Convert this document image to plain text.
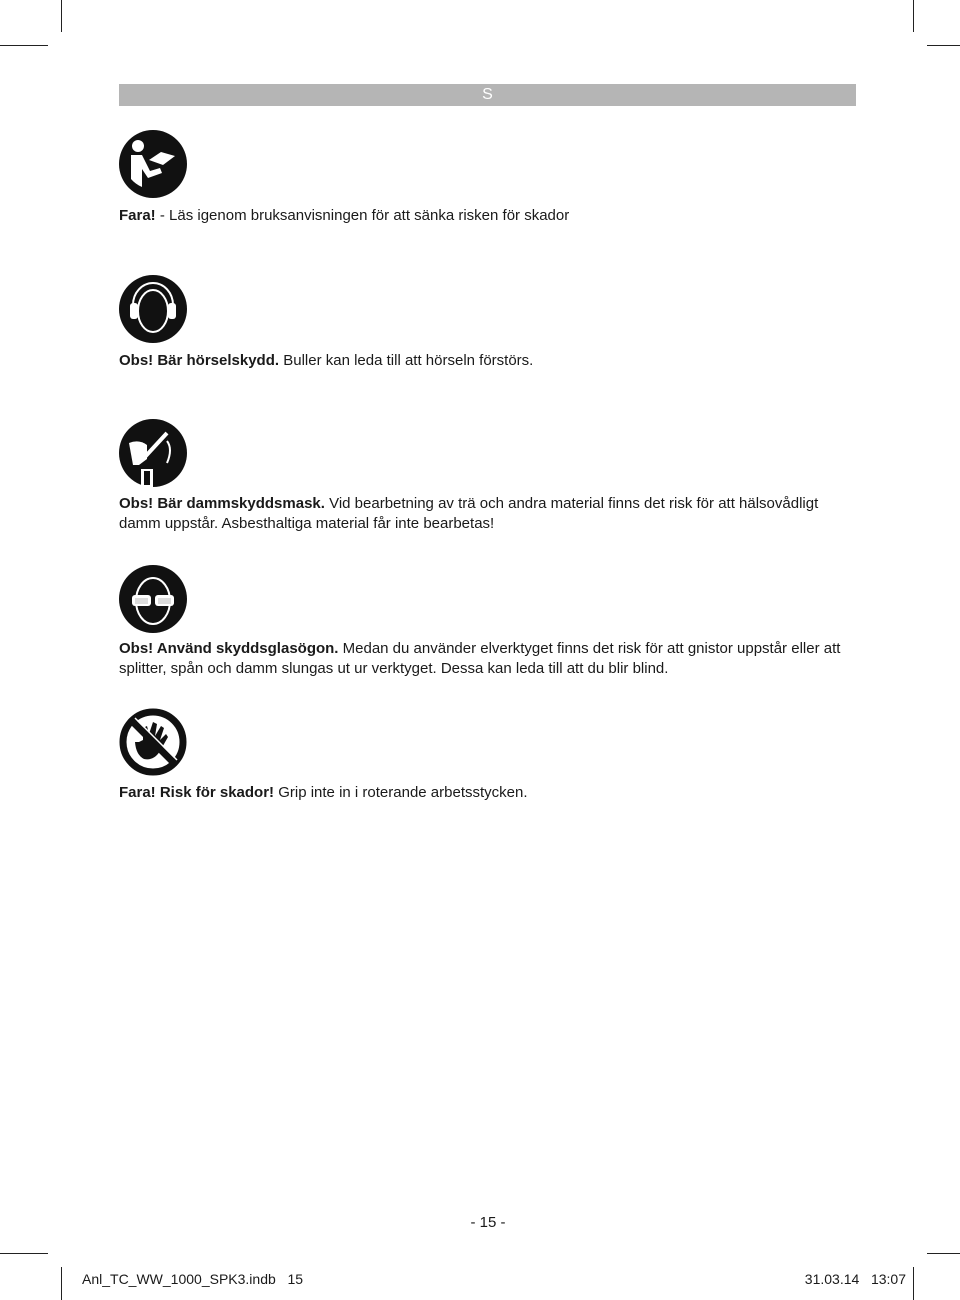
S
Fara! - Läs igenom bruksanvisningen för att sänka risken för skador
Obs! Bär hörselskydd. Buller kan leda till att hörseln förstörs.
Obs! Bär dammskyddsmask. Vid bearbetning av trä och andra material finns det risk för att hälsovådligt damm uppstår. Asbesthaltiga material får inte bearbetas!
Obs! Använd skyddsglasögon. Medan du använder elverktyget finns det risk för att gnistor uppstår eller att splitter, spån och damm slungas ut ur verktyget. Dessa kan leda till att du blir blind.
Fara! Risk för skador! Grip inte in i roterande arbetsstycken.
- 15 -
Anl_TC_WW_1000_SPK3.indb   15	31.03.14   13:07
